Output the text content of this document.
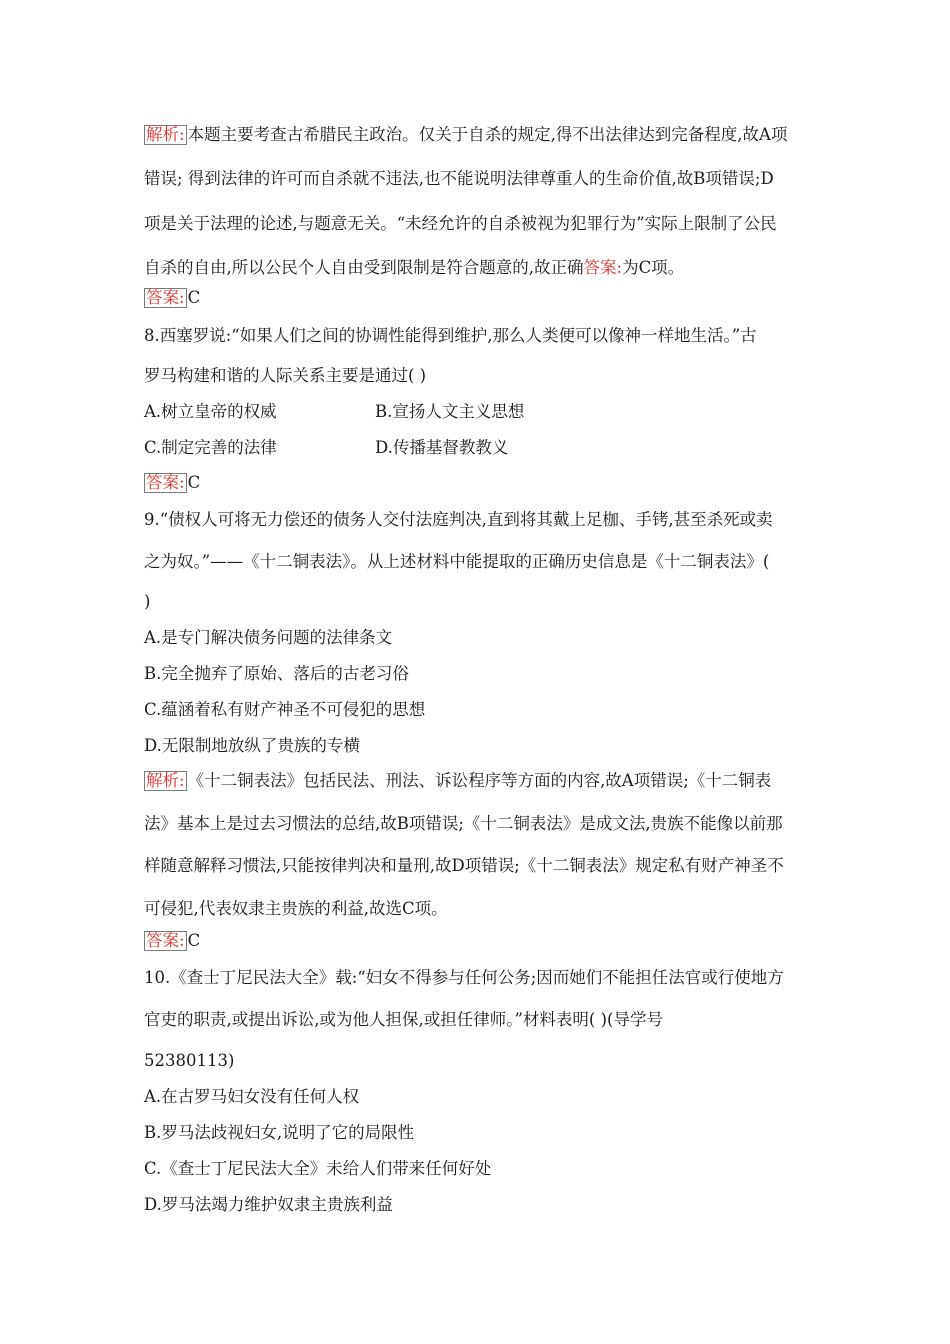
解析: 本题主要考查古希腊民主政治。仅关于自杀的规定,得不出法律达到完备程度,故A项
错误; 得到法律的许可而自杀就不违法,也不能说明法律尊重人的生命价值,故B项错误;D
项是关于法理的论述,与题意无关。“未经允许的自杀被视为犯罪行为”实际上限制了公民
自杀的自由,所以公民个人自由受到限制是符合题意的,故正确答案:为C项。
答案: C
8.西塞罗说:“如果人们之间的协调性能得到维护,那么人类便可以像神一样地生活。”古
罗马构建和谐的人际关系主要是通过( )
A.树立皇帝的权威	B.宣扬人文主义思想
C.制定完善的法律	D.传播基督教教义
答案: C
9.“债权人可将无力偿还的债务人交付法庭判决,直到将其戴上足枷、手铐,甚至杀死或卖
之为奴。”——《十二铜表法》。从上述材料中能提取的正确历史信息是《十二铜表法》(
)
A.是专门解决债务问题的法律条文
B.完全抛弃了原始、落后的古老习俗
C.蕴涵着私有财产神圣不可侵犯的思想
D.无限制地放纵了贵族的专横
解析: 《十二铜表法》包括民法、刑法、诉讼程序等方面的内容,故A项错误;《十二铜表
法》基本上是过去习惯法的总结,故B项错误;《十二铜表法》是成文法,贵族不能像以前那
样随意解释习惯法,只能按律判决和量刑,故D项错误;《十二铜表法》规定私有财产神圣不
可侵犯,代表奴隶主贵族的利益,故选C项。
答案: C
10.《查士丁尼民法大全》载:“妇女不得参与任何公务;因而她们不能担任法官或行使地方
官吏的职责,或提出诉讼,或为他人担保,或担任律师。”材料表明( )(导学号
52380113)
A.在古罗马妇女没有任何人权
B.罗马法歧视妇女,说明了它的局限性
C.《查士丁尼民法大全》未给人们带来任何好处
D.罗马法竭力维护奴隶主贵族利益
